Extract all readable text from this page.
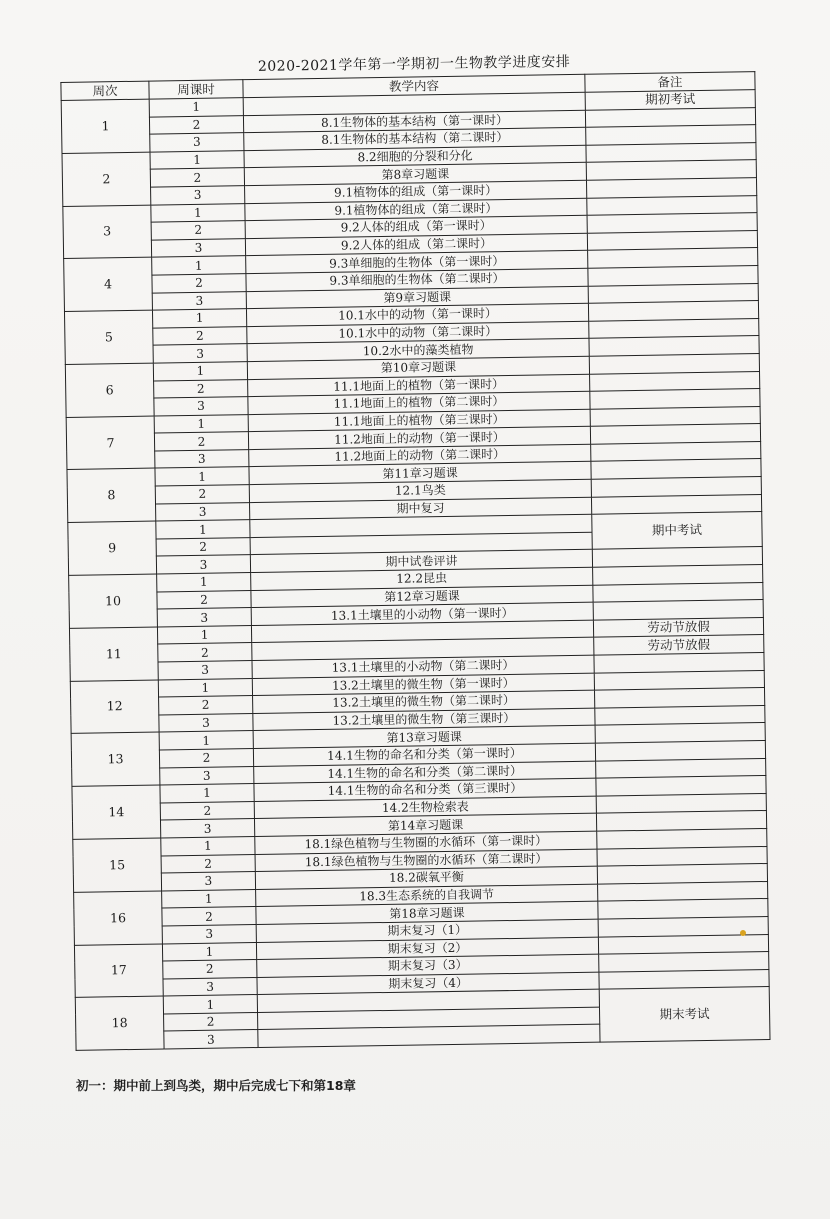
2020-2021学年第一学期初一生物教学进度安排
周次	周课时	教学内容	备注
1	1		期初考试
	2	8.1生物体的基本结构（第一课时）	
	3	8.1生物体的基本结构（第二课时）	
2	1	8.2细胞的分裂和分化	
	2	第8章习题课	
	3	9.1植物体的组成（第一课时）	
3	1	9.1植物体的组成（第二课时）	
	2	9.2人体的组成（第一课时）	
	3	9.2人体的组成（第二课时）	
4	1	9.3单细胞的生物体（第一课时）	
	2	9.3单细胞的生物体（第二课时）	
	3	第9章习题课	
5	1	10.1水中的动物（第一课时）	
	2	10.1水中的动物（第二课时）	
	3	10.2水中的藻类植物	
6	1	第10章习题课	
	2	11.1地面上的植物（第一课时）	
	3	11.1地面上的植物（第二课时）	
7	1	11.1地面上的植物（第三课时）	
	2	11.2地面上的动物（第一课时）	
	3	11.2地面上的动物（第二课时）	
8	1	第11章习题课	
	2	12.1鸟类	
	3	期中复习	
9	1		期中考试
	2		
	3	期中试卷评讲	
10	1	12.2昆虫	
	2	第12章习题课	
	3	13.1土壤里的小动物（第一课时）	
11	1		劳动节放假
	2		劳动节放假
	3	13.1土壤里的小动物（第二课时）	
12	1	13.2土壤里的微生物（第一课时）	
	2	13.2土壤里的微生物（第二课时）	
	3	13.2土壤里的微生物（第三课时）	
13	1	第13章习题课	
	2	14.1生物的命名和分类（第一课时）	
	3	14.1生物的命名和分类（第二课时）	
14	1	14.1生物的命名和分类（第三课时）	
	2	14.2生物检索表	
	3	第14章习题课	
15	1	18.1绿色植物与生物圈的水循环（第一课时）	
	2	18.1绿色植物与生物圈的水循环（第二课时）	
	3	18.2碳氧平衡	
16	1	18.3生态系统的自我调节	
	2	第18章习题课	
	3	期末复习（1）	
17	1	期末复习（2）	
	2	期末复习（3）	
	3	期末复习（4）	
18	1		期末考试
	2		
	3		
初一：期中前上到鸟类，期中后完成七下和第18章
